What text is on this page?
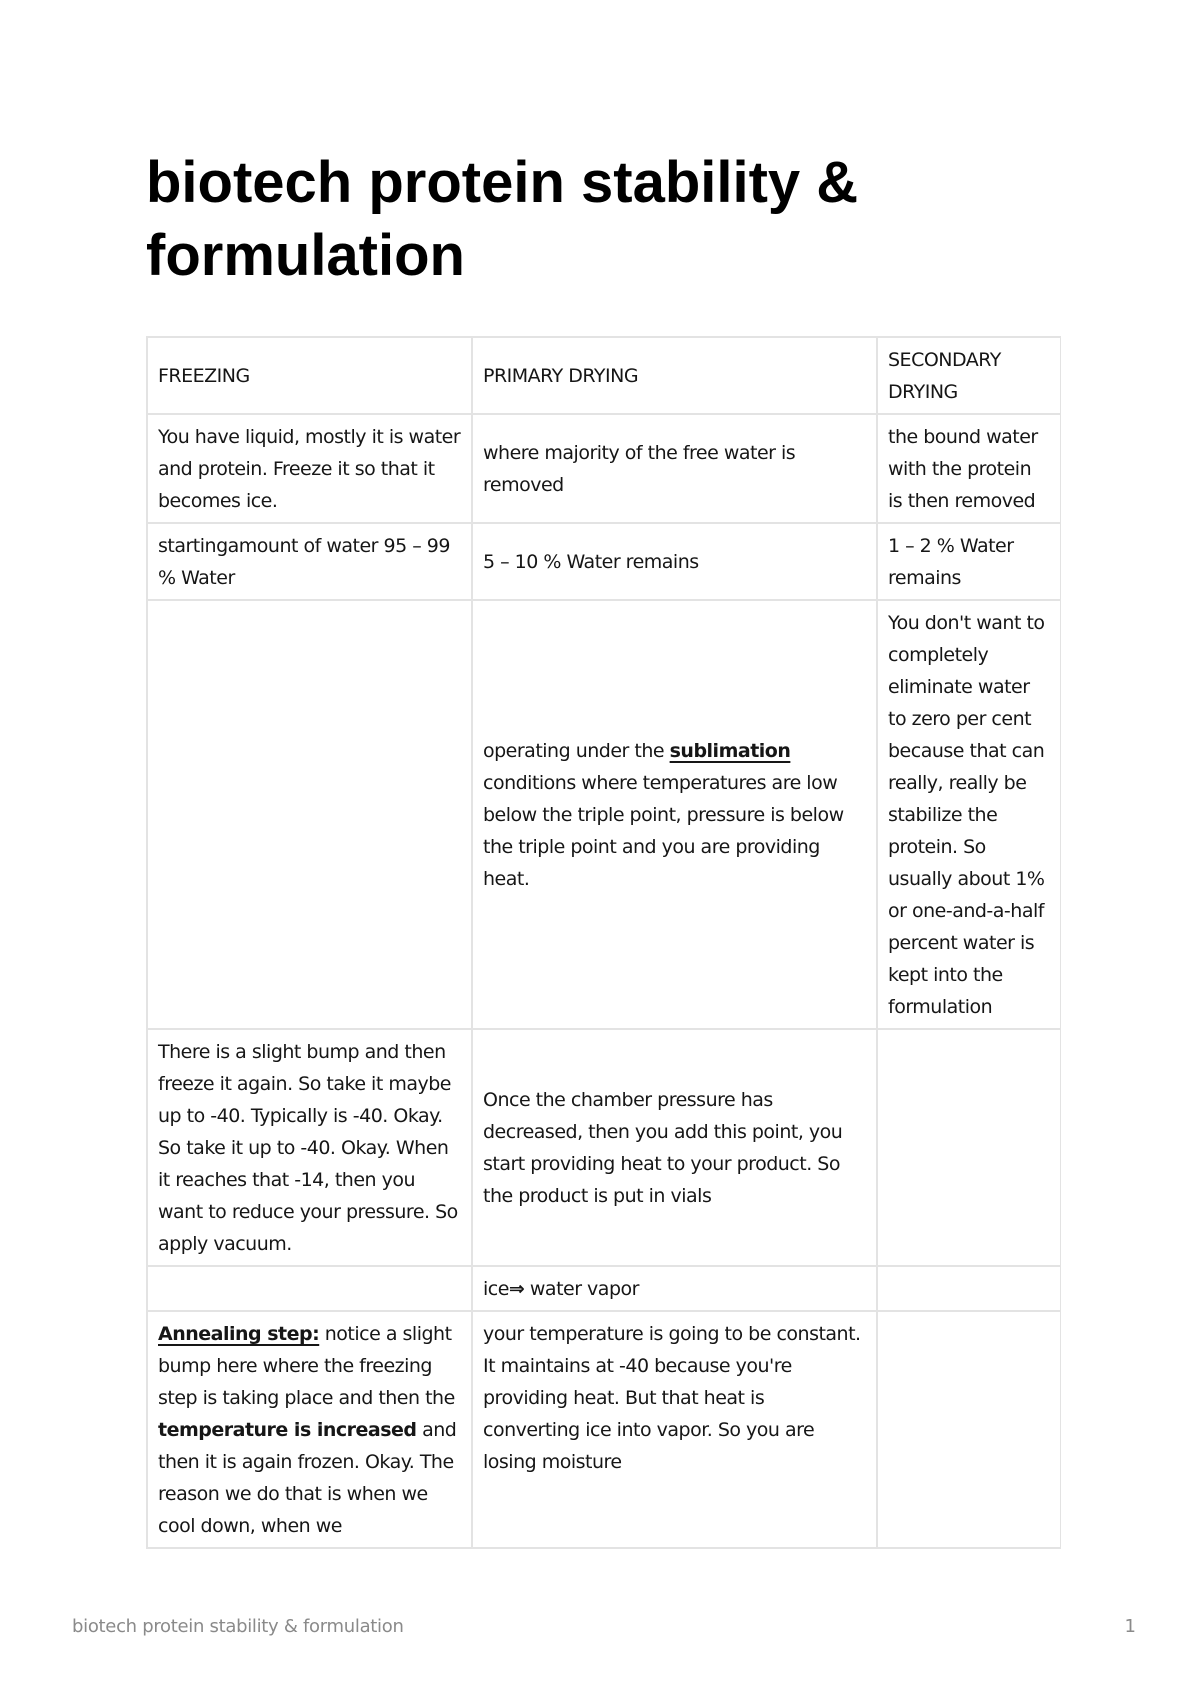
biotech protein stability & formulation
FREEZING	PRIMARY DRYING	SECONDARY DRYING
You have liquid, mostly it is water and protein. Freeze it so that it becomes ice.	where majority of the free water is removed	the bound water with the protein is then removed
startingamount of water 95 – 99 % Water	5 – 10 % Water remains	1 – 2 % Water remains
	operating under the sublimation conditions where temperatures are low below the triple point, pressure is below the triple point and you are providing heat.	You don't want to completely eliminate water to zero per cent because that can really, really be stabilize the protein. So usually about 1% or one-and-a-half percent water is kept into the formulation
There is a slight bump and then freeze it again. So take it maybe up to -40. Typically is -40. Okay. So take it up to -40. Okay. When it reaches that -14, then you want to reduce your pressure. So apply vacuum.	Once the chamber pressure has decreased, then you add this point, you start providing heat to your product. So the product is put in vials	
	ice⇒ water vapor	
Annealing step: notice a slight bump here where the freezing step is taking place and then the temperature is increased and then it is again frozen. Okay. The reason we do that is when we cool down, when we	your temperature is going to be constant. It maintains at -40 because you're providing heat. But that heat is converting ice into vapor. So you are losing moisture	
biotech protein stability & formulation	1
